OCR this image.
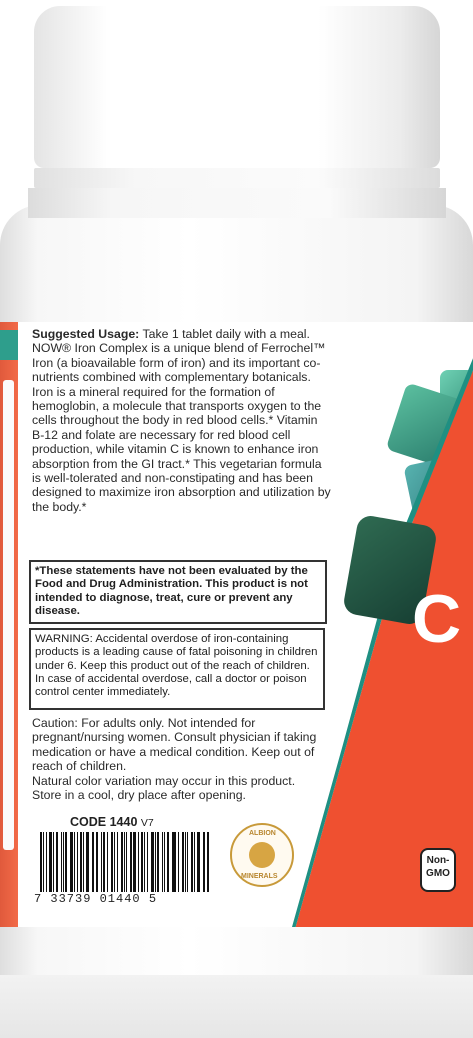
C
Suggested Usage: Take 1 tablet daily with a meal. NOW® Iron Complex is a unique blend of Ferrochel™ Iron (a bioavailable form of iron) and its important co-nutrients combined with complementary botanicals. Iron is a mineral required for the formation of hemoglobin, a molecule that transports oxygen to the cells throughout the body in red blood cells.* Vitamin B-12 and folate are necessary for red blood cell production, while vitamin C is known to enhance iron absorption from the GI tract.* This vegetarian formula is well-tolerated and non-constipating and has been designed to maximize iron absorption and utilization by the body.*
*These statements have not been evaluated by the Food and Drug Administration. This product is not intended to diagnose, treat, cure or prevent any disease.
WARNING: Accidental overdose of iron-containing products is a leading cause of fatal poisoning in children under 6. Keep this product out of the reach of children. In case of accidental overdose, call a doctor or poison control center immediately.
Caution: For adults only. Not intended for pregnant/nursing women. Consult physician if taking medication or have a medical condition. Keep out of reach of children.
Natural color variation may occur in this product.
Store in a cool, dry place after opening.
CODE 1440 V7
7 33739 01440 5
ALBION
MINERALS
Non-
GMO
